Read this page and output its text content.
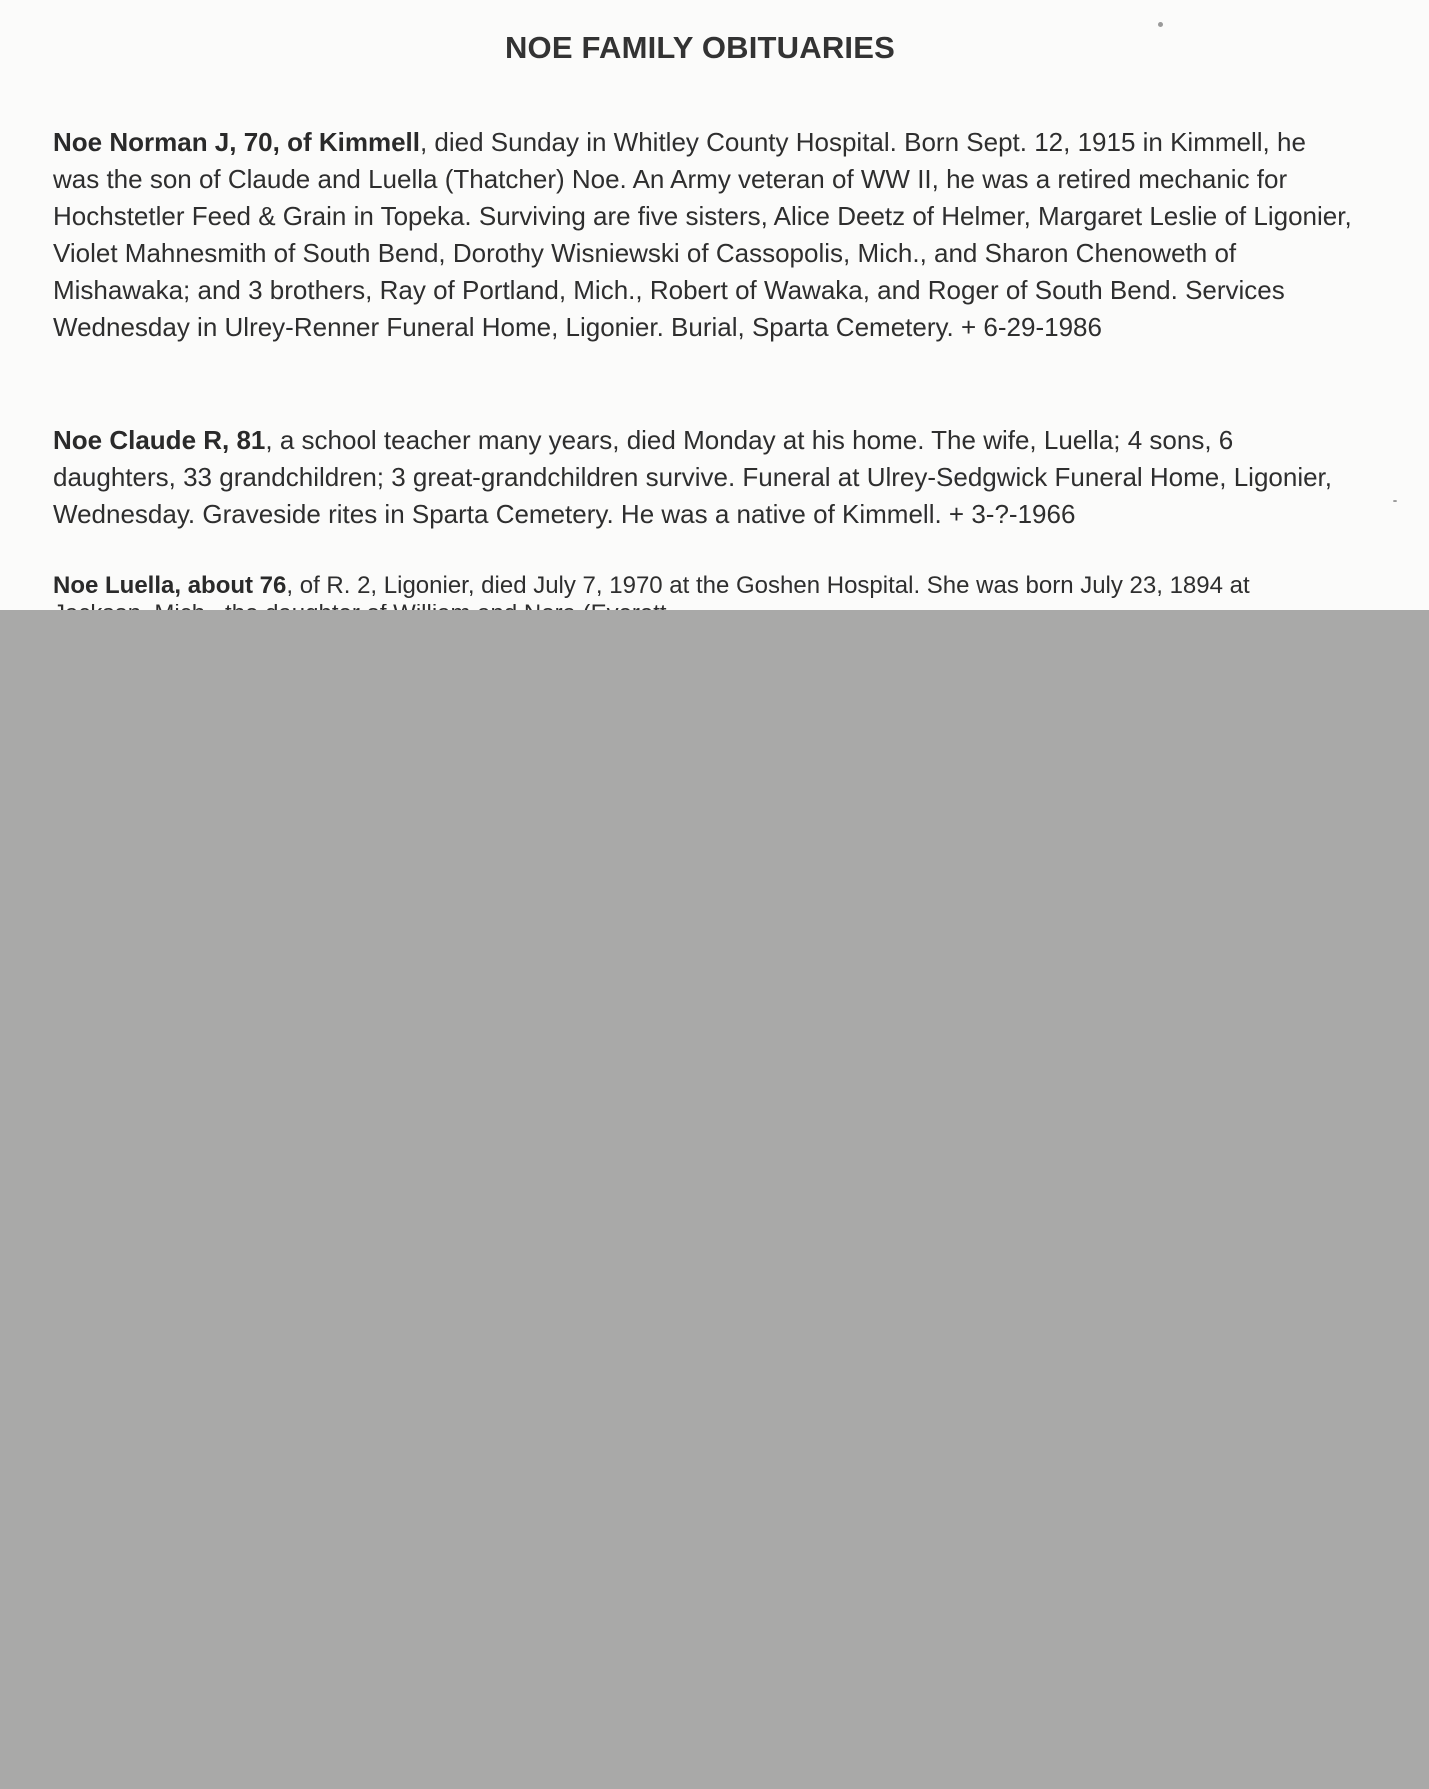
NOE FAMILY OBITUARIES

Noe Norman J, 70, of Kimmell, died Sunday in Whitley County Hospital. Born Sept. 12, 1915 in Kimmell, he was the son of Claude and Luella (Thatcher) Noe. An Army veteran of WW II, he was a retired mechanic for Hochstetler Feed & Grain in Topeka. Surviving are five sisters, Alice Deetz of Helmer, Margaret Leslie of Ligonier, Violet Mahnesmith of South Bend, Dorothy Wisniewski of Cassopolis, Mich., and Sharon Chenoweth of Mishawaka; and 3 brothers, Ray of Portland, Mich., Robert of Wawaka, and Roger of South Bend. Services Wednesday in Ulrey-Renner Funeral Home, Ligonier. Burial, Sparta Cemetery. + 6-29-1986

Noe Claude R, 81, a school teacher many years, died Monday at his home. The wife, Luella; 4 sons, 6 daughters, 33 grandchildren; 3 great-grandchildren survive. Funeral at Ulrey-Sedgwick Funeral Home, Ligonier, Wednesday. Graveside rites in Sparta Cemetery. He was a native of Kimmell. + 3-?-1966

Noe Luella, about 76, of R. 2, Ligonier, died July 7, 1970 at the Goshen Hospital. She was born July 23, 1894 at
